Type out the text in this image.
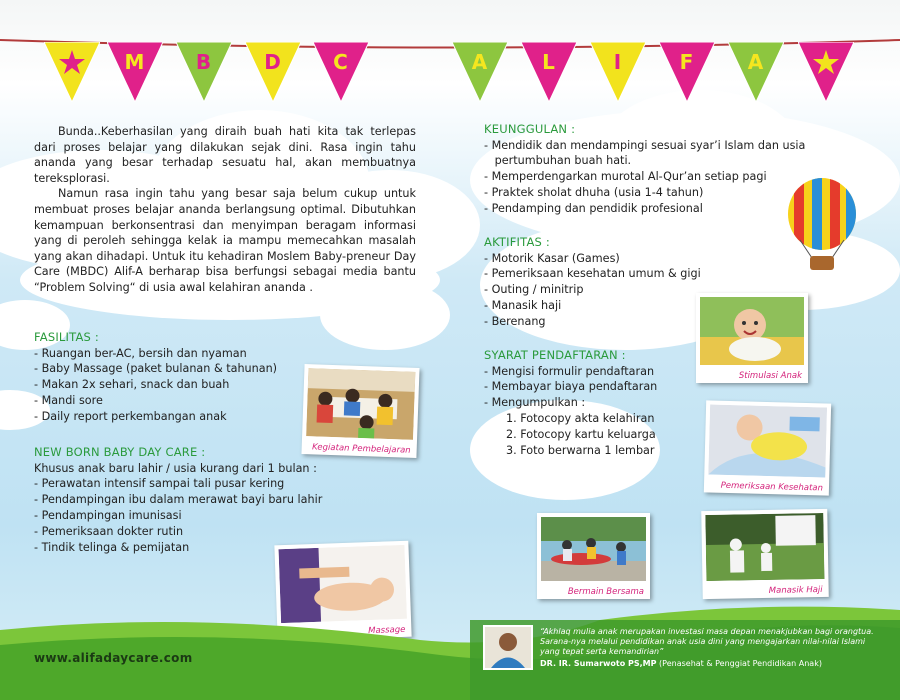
M	B	D	C	A	L	I	F	A

Bunda..Keberhasilan yang diraih buah hati kita tak terlepas dari proses belajar yang dilakukan sejak dini. Rasa ingin tahu ananda yang besar terhadap sesuatu hal, akan membuatnya tereksplorasi.

Namun rasa ingin tahu yang besar saja belum cukup untuk membuat proses belajar ananda berlangsung optimal. Dibutuhkan kemampuan berkonsentrasi dan menyimpan beragam informasi yang di peroleh sehingga kelak ia mampu memecahkan masalah yang akan dihadapi. Untuk itu kehadiran Moslem Baby-preneur Day Care (MBDC) Alif-A berharap bisa berfungsi sebagai media bantu “Problem Solving“ di usia awal kelahiran ananda .

FASILITAS :
- Ruangan ber-AC, bersih dan nyaman
- Baby Massage (paket bulanan & tahunan)
- Makan 2x sehari, snack dan buah
- Mandi sore
- Daily report perkembangan anak
NEW BORN BABY DAY CARE :
Khusus anak baru lahir / usia kurang dari 1 bulan :
- Perawatan intensif sampai tali pusar kering
- Pendampingan ibu dalam merawat bayi baru lahir
- Pendampingan imunisasi
- Pemeriksaan dokter rutin
- Tindik telinga & pemijatan
KEUNGGULAN :
- Mendidik dan mendampingi sesuai syar’i Islam dan usia
pertumbuhan buah hati.
- Memperdengarkan murotal Al-Qur’an setiap pagi
- Praktek sholat dhuha (usia 1-4 tahun)
- Pendamping dan pendidik profesional
AKTIFITAS :
- Motorik Kasar (Games)
- Pemeriksaan kesehatan umum & gigi
- Outing / minitrip
- Manasik haji
- Berenang
SYARAT PENDAFTARAN :
- Mengisi formulir pendaftaran
- Membayar biaya pendaftaran
- Mengumpulkan :
1. Fotocopy akta kelahiran
2. Fotocopy kartu keluarga
3. Foto berwarna 1 lembar
Kegiatan Pembelajaran
Stimulasi Anak
Pemeriksaan Kesehatan
Bermain Bersama	Manasik Haji
Massage
www.alifadaycare.com
“Akhlaq mulia anak merupakan investasi masa depan menakjubkan bagi orangtua. Sarana-nya melalui pendidikan anak usia dini yang mengajarkan nilai-nilai Islami yang tepat serta kemandirian”
DR. IR. Sumarwoto PS,MP (Penasehat & Penggiat Pendidikan Anak)
